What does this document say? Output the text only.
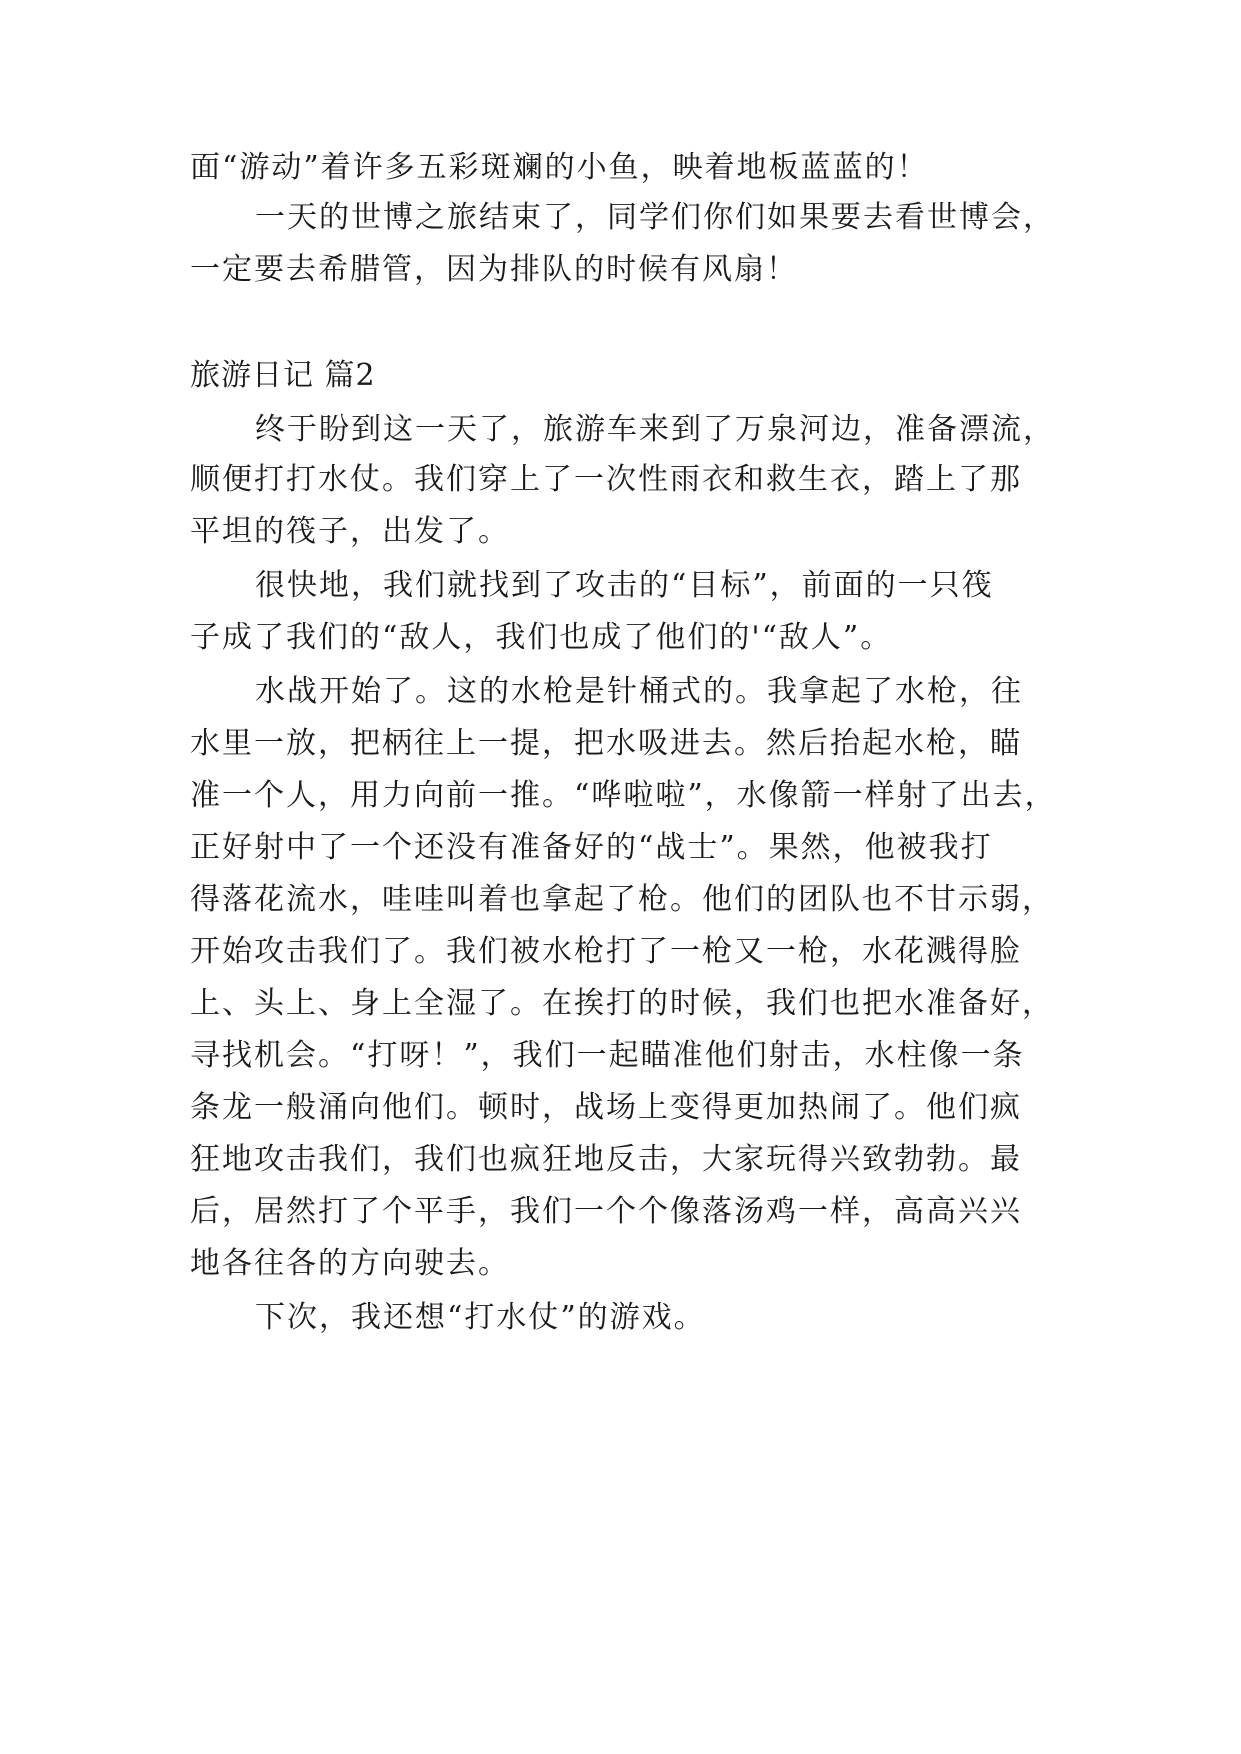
面“游动”着许多五彩斑斓的小鱼，映着地板蓝蓝的！

一天的世博之旅结束了，同学们你们如果要去看世博会，

一定要去希腊管，因为排队的时候有风扇！

旅游日记 篇2

终于盼到这一天了，旅游车来到了万泉河边，准备漂流，

顺便打打水仗。我们穿上了一次性雨衣和救生衣，踏上了那

平坦的筏子，出发了。

很快地，我们就找到了攻击的“目标”，前面的一只筏

子成了我们的“敌人，我们也成了他们的'“敌人”。

水战开始了。这的水枪是针桶式的。我拿起了水枪，往

水里一放，把柄往上一提，把水吸进去。然后抬起水枪，瞄

准一个人，用力向前一推。“哗啦啦”，水像箭一样射了出去，

正好射中了一个还没有准备好的“战士”。果然，他被我打

得落花流水，哇哇叫着也拿起了枪。他们的团队也不甘示弱，

开始攻击我们了。我们被水枪打了一枪又一枪，水花溅得脸

上、头上、身上全湿了。在挨打的时候，我们也把水准备好，

寻找机会。“打呀！”，我们一起瞄准他们射击，水柱像一条

条龙一般涌向他们。顿时，战场上变得更加热闹了。他们疯

狂地攻击我们，我们也疯狂地反击，大家玩得兴致勃勃。最

后，居然打了个平手，我们一个个像落汤鸡一样，高高兴兴

地各往各的方向驶去。

下次，我还想“打水仗”的游戏。
